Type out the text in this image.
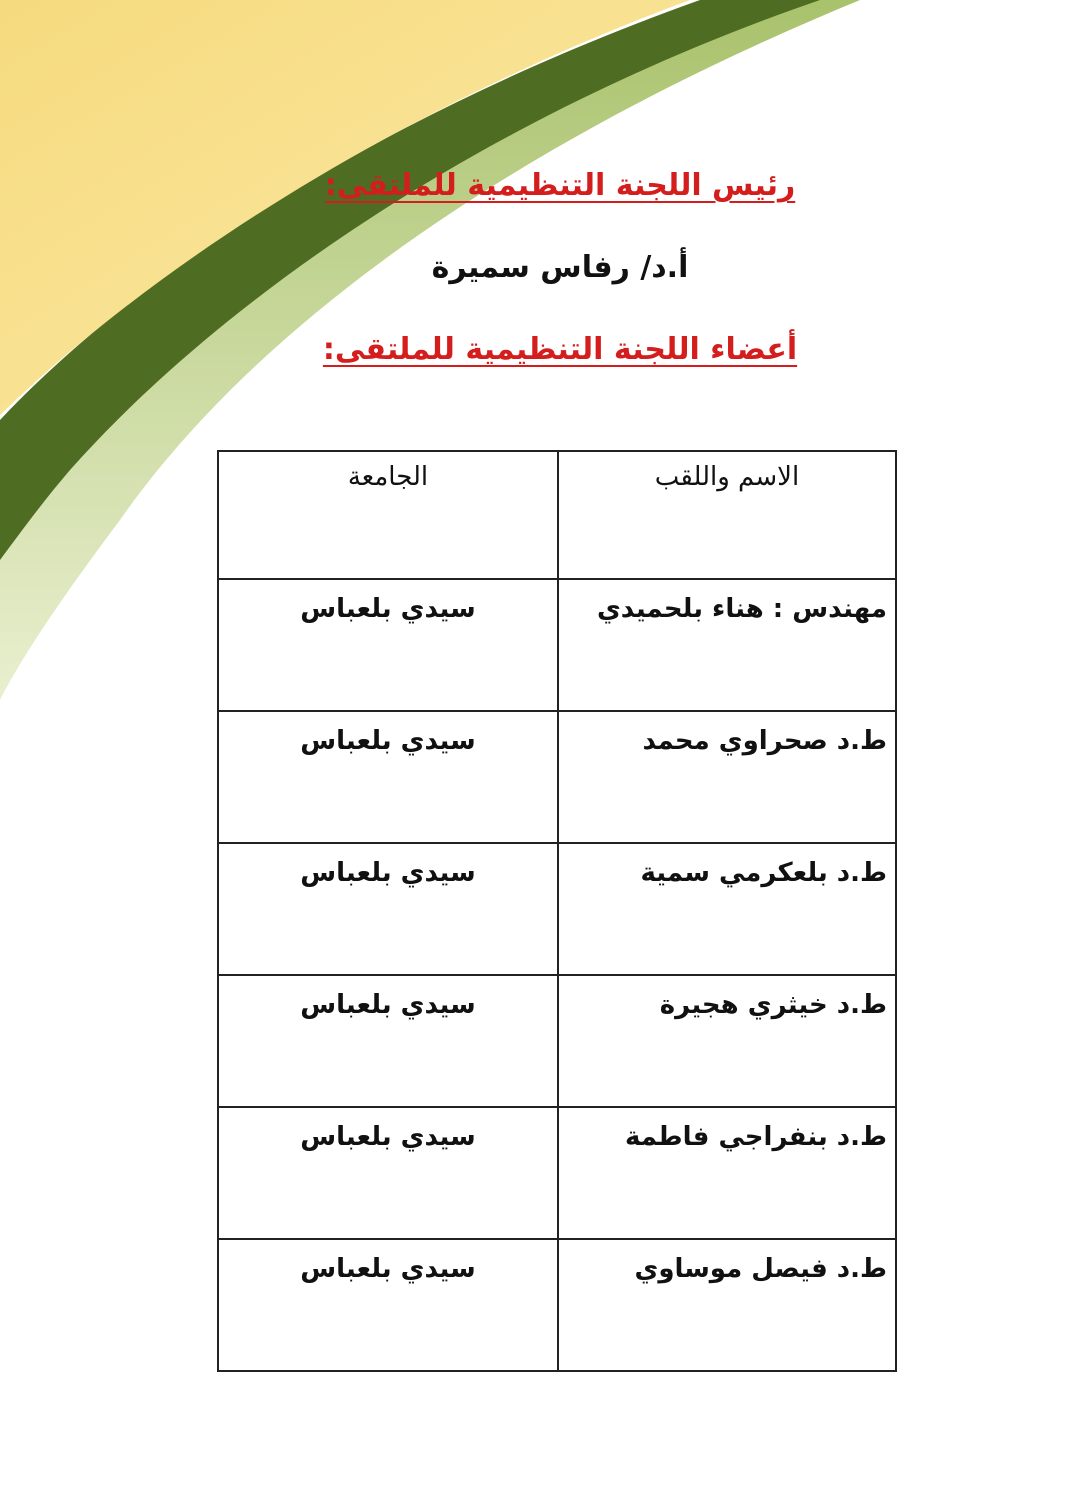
رئيس اللجنة التنظيمية للملتقى:
أ.د/ رفاس سميرة
أعضاء اللجنة التنظيمية للملتقى:
الاسم واللقب	الجامعة
مهندس : هناء بلحميدي	سيدي بلعباس
ط.د صحراوي محمد	سيدي بلعباس
ط.د بلعكرمي سمية	سيدي بلعباس
ط.د خيثري هجيرة	سيدي بلعباس
ط.د بنفراجي فاطمة	سيدي بلعباس
ط.د فيصل موساوي	سيدي بلعباس
